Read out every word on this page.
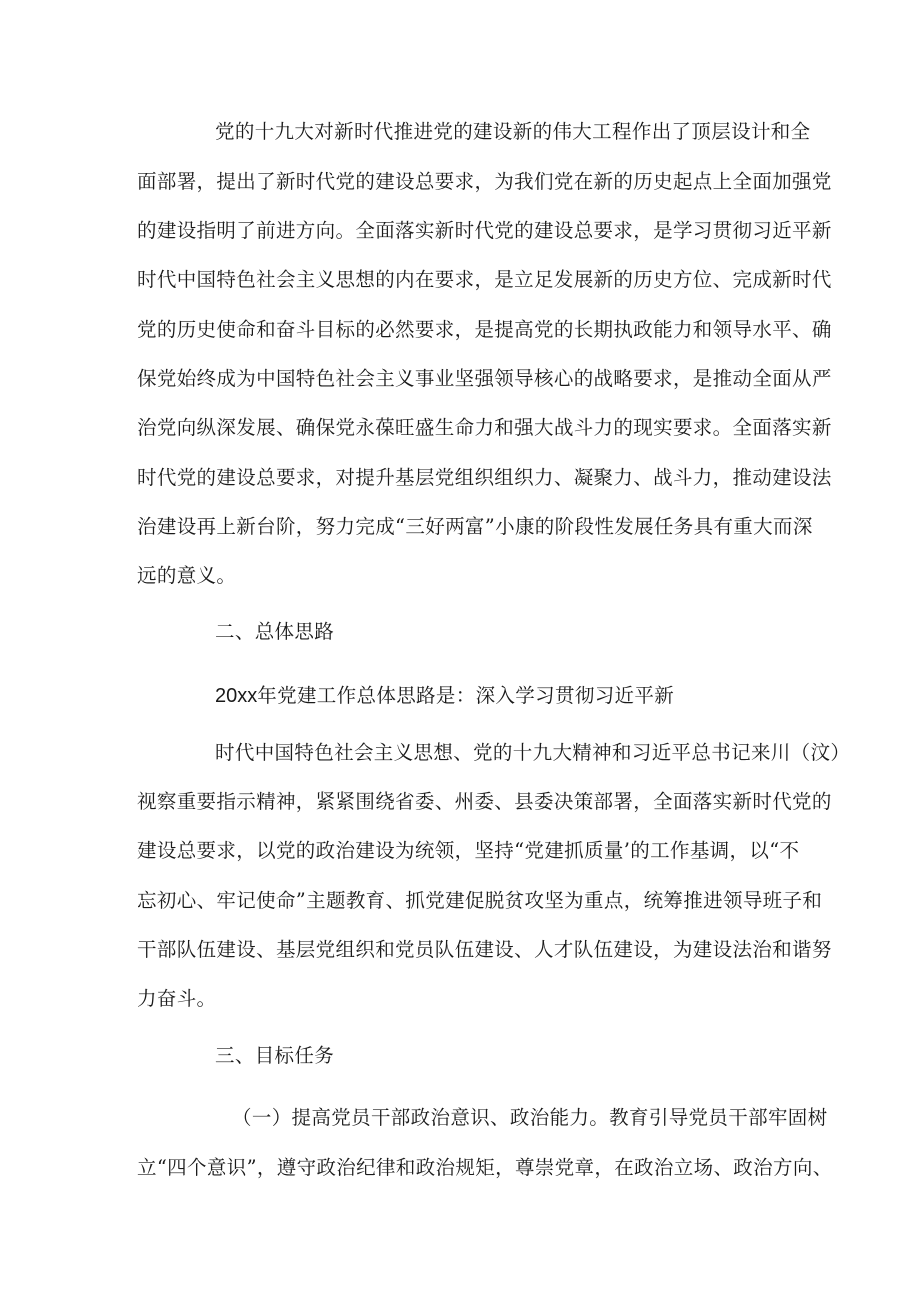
党的十九大对新时代推进党的建设新的伟大工程作出了顶层设计和全
面部署，提出了新时代党的建设总要求，为我们党在新的历史起点上全面加强党
的建设指明了前进方向。全面落实新时代党的建设总要求，是学习贯彻习近平新
时代中国特色社会主义思想的内在要求，是立足发展新的历史方位、完成新时代
党的历史使命和奋斗目标的必然要求，是提高党的长期执政能力和领导水平、确
保党始终成为中国特色社会主义事业坚强领导核心的战略要求，是推动全面从严
治党向纵深发展、确保党永葆旺盛生命力和强大战斗力的现实要求。全面落实新
时代党的建设总要求，对提升基层党组织组织力、凝聚力、战斗力，推动建设法
治建设再上新台阶，努力完成“三好两富”小康的阶段性发展任务具有重大而深
远的意义。
二、总体思路
20xx年党建工作总体思路是：深入学习贯彻习近平新
时代中国特色社会主义思想、党的十九大精神和习近平总书记来川（汶）
视察重要指示精神，紧紧围绕省委、州委、县委决策部署，全面落实新时代党的
建设总要求，以党的政治建设为统领，坚持“党建抓质量’的工作基调，以“不
忘初心、牢记使命”主题教育、抓党建促脱贫攻坚为重点，统筹推进领导班子和
干部队伍建设、基层党组织和党员队伍建设、人才队伍建设，为建设法治和谐努
力奋斗。
三、目标任务
（一）提高党员干部政治意识、政治能力。教育引导党员干部牢固树
立“四个意识”，遵守政治纪律和政治规矩，尊崇党章，在政治立场、政治方向、
